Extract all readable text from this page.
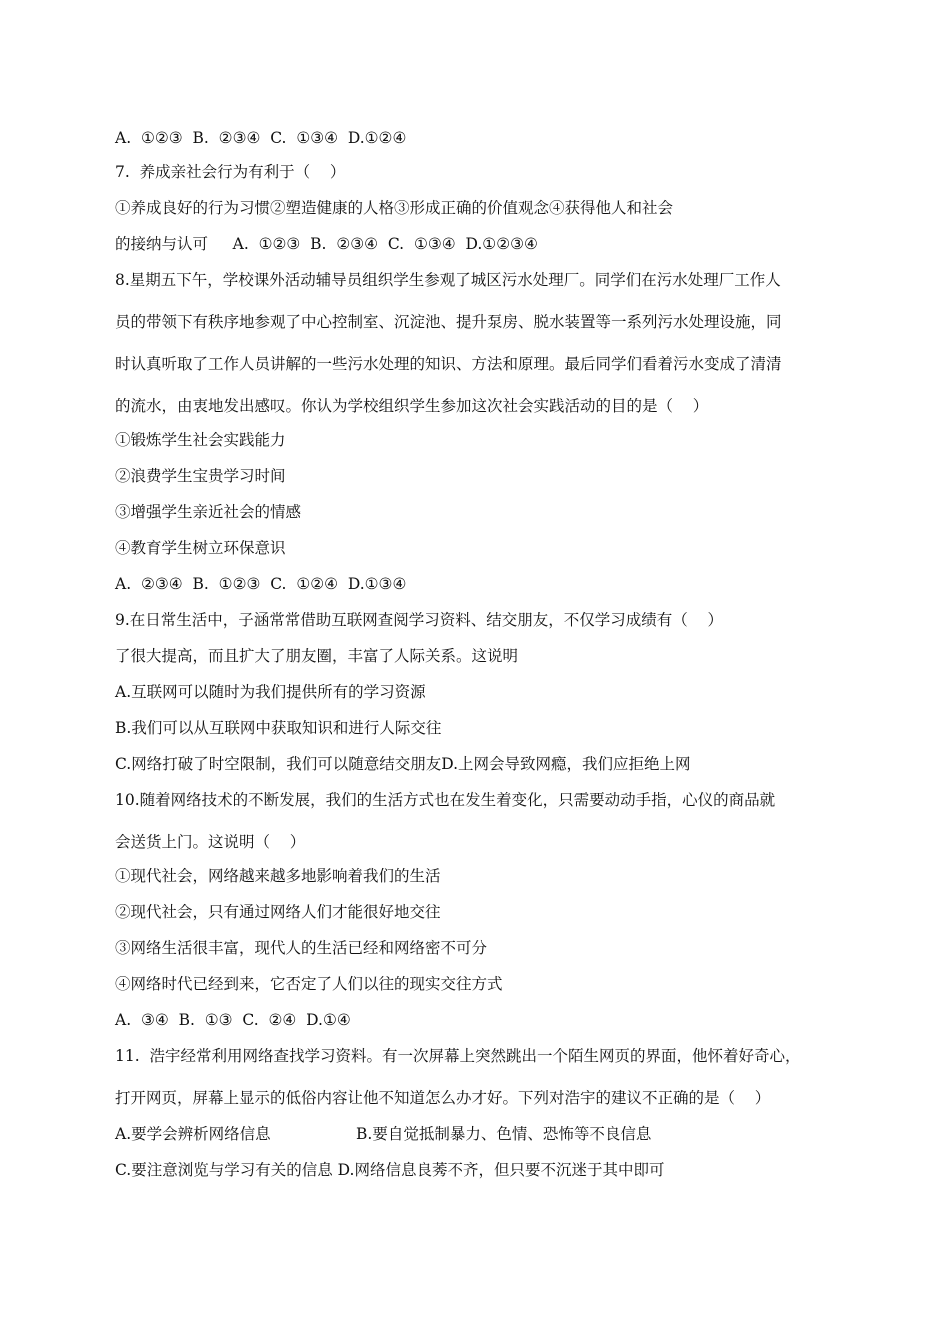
A.  ①②③  B.  ②③④  C.  ①③④  D.①②④
7.  养成亲社会行为有利于（    ）
①养成良好的行为习惯②塑造健康的人格③形成正确的价值观念④获得他人和社会
的接纳与认可     A.  ①②③  B.  ②③④  C.  ①③④  D.①②③④
8.星期五下午，学校课外活动辅导员组织学生参观了城区污水处理厂。同学们在污水处理厂工作人
员的带领下有秩序地参观了中心控制室、沉淀池、提升泵房、脱水装置等一系列污水处理设施，同
时认真听取了工作人员讲解的一些污水处理的知识、方法和原理。最后同学们看着污水变成了清清
的流水，由衷地发出感叹。你认为学校组织学生参加这次社会实践活动的目的是（    ）
①锻炼学生社会实践能力
②浪费学生宝贵学习时间
③增强学生亲近社会的情感
④教育学生树立环保意识
A.  ②③④  B.  ①②③  C.  ①②④  D.①③④
9.在日常生活中，子涵常常借助互联网查阅学习资料、结交朋友，不仅学习成绩有（    ）
了很大提高，而且扩大了朋友圈，丰富了人际关系。这说明
A.互联网可以随时为我们提供所有的学习资源
B.我们可以从互联网中获取知识和进行人际交往
C.网络打破了时空限制，我们可以随意结交朋友D.上网会导致网瘾，我们应拒绝上网
10.随着网络技术的不断发展，我们的生活方式也在发生着变化，只需要动动手指，心仪的商品就
会送货上门。这说明（    ）
①现代社会，网络越来越多地影响着我们的生活
②现代社会，只有通过网络人们才能很好地交往
③网络生活很丰富，现代人的生活已经和网络密不可分
④网络时代已经到来，它否定了人们以往的现实交往方式
A.  ③④  B.  ①③  C.  ②④  D.①④
11.  浩宇经常利用网络查找学习资料。有一次屏幕上突然跳出一个陌生网页的界面，他怀着好奇心，
打开网页，屏幕上显示的低俗内容让他不知道怎么办才好。下列对浩宇的建议不正确的是（    ）
A.要学会辨析网络信息	B.要自觉抵制暴力、色情、恐怖等不良信息
C.要注意浏览与学习有关的信息 D.网络信息良莠不齐，但只要不沉迷于其中即可
